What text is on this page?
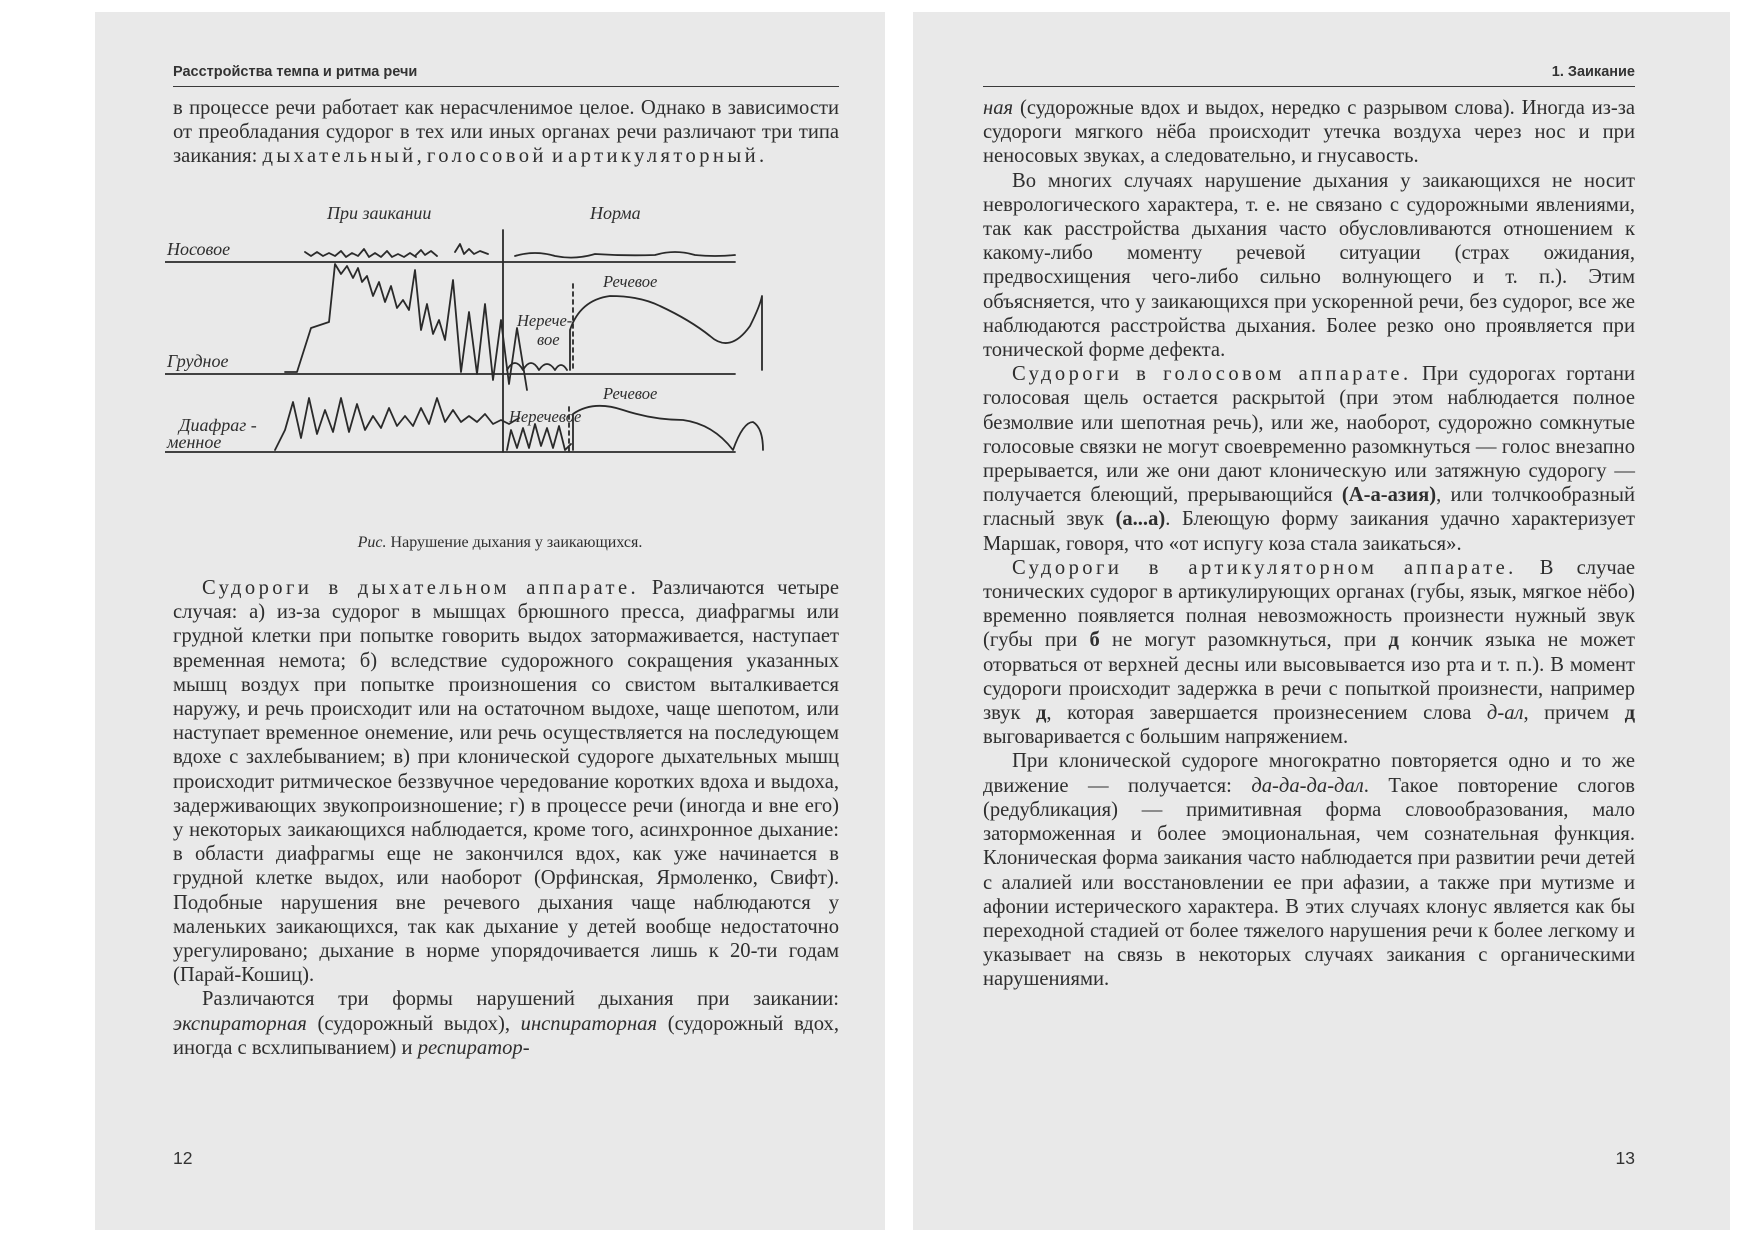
Расстройства темпа и ритма речи

в процессе речи работает как нерасчленимое целое. Однако в зависимости от преобладания судорог в тех или иных органах речи различают три типа заикания: дыхательный, голосовой и артикуляторный.

При заикании	Норма
Носовое
Грудное
Диафраг -
менное
Речевое
Нерече-
вое
Речевое
Неречевое
Рис. Нарушение дыхания у заикающихся.

Судороги в дыхательном аппарате. Различаются четыре случая: а) из-за судорог в мышцах брюшного пресса, диафрагмы или грудной клетки при попытке говорить выдох затормаживается, наступает временная немота; б) вследствие судорожного сокращения указанных мышц воздух при попытке произношения со свистом выталкивается наружу, и речь происходит или на остаточном выдохе, чаще шепотом, или наступает временное онемение, или речь осуществляется на последующем вдохе с захлебыванием; в) при клонической судороге дыхательных мышц происходит ритмическое беззвучное чередование коротких вдоха и выдоха, задерживающих звукопроизношение; г) в процессе речи (иногда и вне его) у некоторых заикающихся наблюдается, кроме того, асинхронное дыхание: в области диафрагмы еще не закончился вдох, как уже начинается в грудной клетке выдох, или наоборот (Орфинская, Ярмоленко, Свифт). Подобные нарушения вне речевого дыхания чаще наблюдаются у маленьких заикающихся, так как дыхание у детей вообще недостаточно урегулировано; дыхание в норме упорядочивается лишь к 20-ти годам (Парай-Кошиц).

Различаются три формы нарушений дыхания при заикании: экспираторная (судорожный выдох), инспираторная (судорожный вдох, иногда с всхлипыванием) и респиратор-

12
1. Заикание

ная (судорожные вдох и выдох, нередко с разрывом слова). Иногда из-за судороги мягкого нёба происходит утечка воздуха через нос и при неносовых звуках, а следовательно, и гнусавость.

Во многих случаях нарушение дыхания у заикающихся не носит неврологического характера, т. е. не связано с судорожными явлениями, так как расстройства дыхания часто обусловливаются отношением к какому-либо моменту речевой ситуации (страх ожидания, предвосхищения чего-либо сильно волнующего и т. п.). Этим объясняется, что у заикающихся при ускоренной речи, без судорог, все же наблюдаются расстройства дыхания. Более резко оно проявляется при тонической форме дефекта.

Судороги в голосовом аппарате. При судорогах гортани голосовая щель остается раскрытой (при этом наблюдается полное безмолвие или шепотная речь), или же, наоборот, судорожно сомкнутые голосовые связки не могут своевременно разомкнуться — голос внезапно прерывается, или же они дают клоническую или затяжную судорогу — получается блеющий, прерывающийся (А-а-азия), или толчкообразный гласный звук (а...а). Блеющую форму заикания удачно характеризует Маршак, говоря, что «от испугу коза стала заикаться».

Судороги в артикуляторном аппарате. В случае тонических судорог в артикулирующих органах (губы, язык, мягкое нёбо) временно появляется полная невозможность произнести нужный звук (губы при б не могут разомкнуться, при д кончик языка не может оторваться от верхней десны или высовывается изо рта и т. п.). В момент судороги происходит задержка в речи с попыткой произнести, например звук д, которая завершается произнесением слова д-ал, причем д выговаривается с большим напряжением.

При клонической судороге многократно повторяется одно и то же движение — получается: да-да-да-дал. Такое повторение слогов (редубликация) — примитивная форма словообразования, мало заторможенная и более эмоциональная, чем сознательная функция. Клоническая форма заикания часто наблюдается при развитии речи детей с алалией или восстановлении ее при афазии, а также при мутизме и афонии истерического характера. В этих случаях клонус является как бы переходной стадией от более тяжелого нарушения речи к более легкому и указывает на связь в некоторых случаях заикания с органическими нарушениями.

13
